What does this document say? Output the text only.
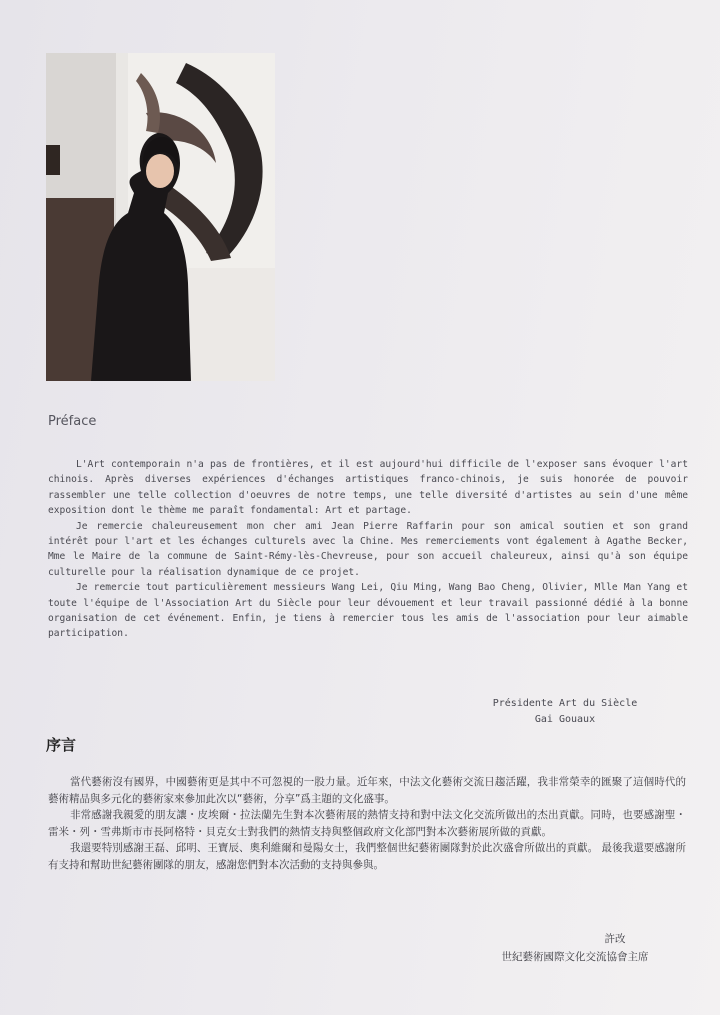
Préface

L'Art contemporain n'a pas de frontières, et il est aujourd'hui difficile de l'exposer sans évoquer l'art chinois. Après diverses expériences d'échanges artistiques franco-chinois, je suis honorée de pouvoir rassembler une telle collection d'oeuvres de notre temps, une telle diversité d'artistes au sein d'une même exposition dont le thème me paraît fondamental: Art et partage.

Je remercie chaleureusement mon cher ami Jean Pierre Raffarin pour son amical soutien et son grand intérêt pour l'art et les échanges culturels avec la Chine. Mes remerciements vont également à Agathe Becker, Mme le Maire de la commune de Saint-Rémy-lès-Chevreuse, pour son accueil chaleureux, ainsi qu'à son équipe culturelle pour la réalisation dynamique de ce projet.

Je remercie tout particulièrement messieurs Wang Lei, Qiu Ming, Wang Bao Cheng, Olivier, Mlle Man Yang et toute l'équipe de l'Association Art du Siècle pour leur dévouement et leur travail passionné dédié à la bonne organisation de cet événement. Enfin, je tiens à remercier tous les amis de l'association pour leur aimable participation.

Présidente Art du Siècle
Gai Gouaux
序言

當代藝術沒有國界，中國藝術更是其中不可忽視的一股力量。近年來，中法文化藝術交流日趨活躍，我非常榮幸的匯聚了這個時代的藝術精品與多元化的藝術家來參加此次以“藝術，分享”爲主題的文化盛事。

非常感謝我親愛的朋友讓・皮埃爾・拉法蘭先生對本次藝術展的熱情支持和對中法文化交流所做出的杰出貢獻。同時，也要感謝聖・雷米・列・雪弗斯市市長阿格特・貝克女士對我們的熱情支持與整個政府文化部門對本次藝術展所做的貢獻。

我還要特別感謝王磊、邱明、王寶辰、奧利維爾和曼陽女士，我們整個世紀藝術團隊對於此次盛會所做出的貢獻。 最後我還要感謝所有支持和幫助世紀藝術團隊的朋友，感謝您們對本次活動的支持與參與。

許改
世紀藝術國際文化交流協會主席
